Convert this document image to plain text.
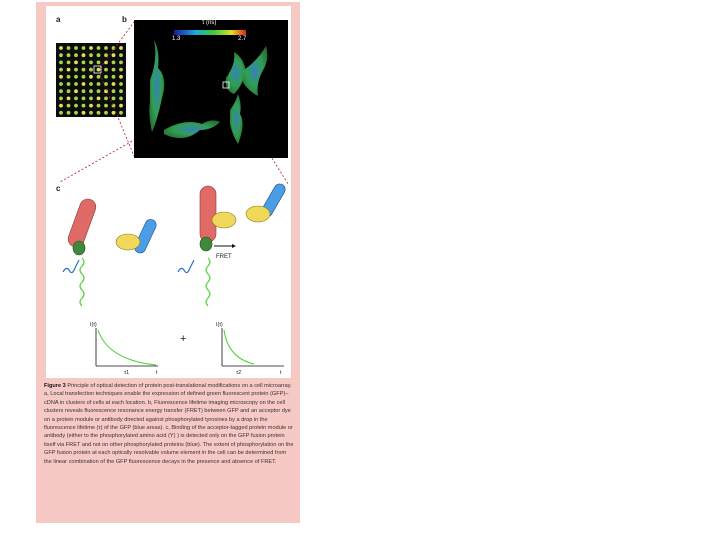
a	b
c
τ (ns)
1.3	2.7
FRET
I(t)
t
τ1
+
I(t)
t
τ2
Figure 3 Principle of optical detection of protein post-translational modifications on a cell microarray. a, Local transfection techniques enable the expression of defined green fluorescent protein (GFP)–cDNA in clusters of cells at each location. b, Fluorescence lifetime imaging microscopy on the cell clusters reveals fluorescence resonance energy transfer (FRET) between GFP and an acceptor dye on a protein module or antibody directed against phosphorylated tyrosines by a drop in the fluorescence lifetime (τ) of the GFP (blue areas). c, Binding of the acceptor-tagged protein module or antibody (either to the phosphorylated amino acid (Y) ) is detected only on the GFP fusion protein itself via FRET and not on other phosphorylated proteins (blue). The extent of phosphorylation on the GFP fusion protein at each optically resolvable volume element in the cell can be determined from the linear combination of the GFP fluorescence decays in the presence and absence of FRET.
